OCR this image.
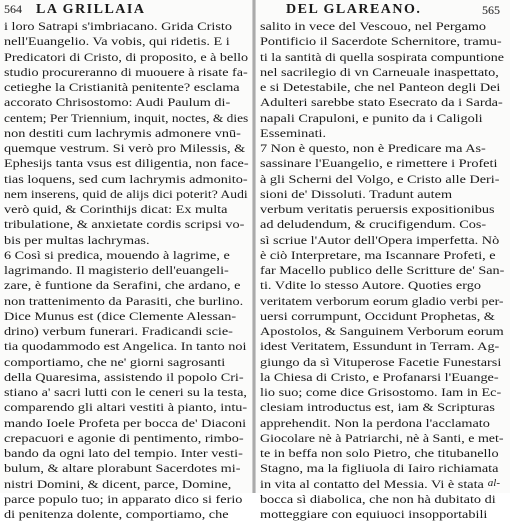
564 LA GRILLAIA
i loro Satrapi s'imbriacano. Grida Cristo
nell'Euangelio. Va vobis, qui ridetis. E i
Predicatori di Cristo, di proposito, e à bello
studio procureranno di muouere à risate fa-
cetieghe la Cristianità penitente? esclama
accorato Chrisostomo: Audi Paulum di-
centem; Per Triennium, inquit, noctes, & dies
non destiti cum lachrymis admonere vnū-
quemque vestrum. Si verò pro Milessis, &
Ephesijs tanta vsus est diligentia, non face-
tias loquens, sed cum lachrymis admonito-
nem inserens, quid de alijs dici poterit? Audi
verò quid, & Corinthijs dicat: Ex multa
tribulatione, & anxietate cordis scripsi vo-
bis per multas lachrymas.
6 Così si predica, mouendo à lagrime, e
lagrimando. Il magisterio dell'euangeli-
zare, è funtione da Serafini, che ardano, e
non trattenimento da Parasiti, che burlino.
Dice Munus est (dice Clemente Alessan-
drino) verbum funerari. Fradicandi scie-
tia quodammodo est Angelica. In tanto noi
comportiamo, che ne' giorni sagrosanti
della Quaresima, assistendo il popolo Cri-
stiano a' sacri lutti con le ceneri su la testa,
comparendo gli altari vestiti à pianto, intu-
mando Ioele Profeta per bocca de' Diaconi
crepacuori e agonie di pentimento, rimbo-
bando da ogni lato del tempio. Inter vesti-
bulum, & altare plorabunt Sacerdotes mi-
nistri Domini, & dicent, parce, Domine,
parce populo tuo; in apparato dico si ferio
di penitenza dolente, comportiamo, che
DEL GLAREANO.	565
salito in vece del Vescouo, nel Pergamo
Pontificio il Sacerdote Schernitore, tramu-
ti la santità di quella sospirata compuntione
nel sacrilegio di vn Carneuale inaspettato,
e si Detestabile, che nel Panteon degli Dei
Adulteri sarebbe stato Esecrato da i Sarda-
napali Crapuloni, e punito da i Caligoli
Esseminati.
7 Non è questo, non è Predicare ma As-
sassinare l'Euangelio, e rimettere i Profeti
à gli Scherni del Volgo, e Cristo alle Deri-
sioni de' Dissoluti. Tradunt autem
verbum veritatis peruersis expositionibus
ad deludendum, & crucifigendum. Cos-
sì scriue l'Autor dell'Opera imperfetta. Nò
è ciò Interpretare, ma Iscannare Profeti, e
far Macello publico delle Scritture de' San-
ti. Vdite lo stesso Autore. Quoties ergo
veritatem verborum eorum gladio verbi per-
uersi corrumpunt, Occidunt Prophetas, &
Apostolos, & Sanguinem Verborum eorum
idest Veritatem, Essundunt in Terram. Ag-
giungo da sì Vituperose Facetie Funestarsi
la Chiesa di Cristo, e Profanarsi l'Euange-
lio suo; come dice Grisostomo. Iam in Ec-
clesiam introductus est, iam & Scripturas
apprehendit. Non la perdona l'acclamato
Giocolare nè à Patriarchi, nè à Santi, e met-
te in beffa non solo Pietro, che titubanello
Stagno, ma la figliuola di Iairo richiamata
in vita al contatto del Messia. Vi è stata
bocca sì diabolica, che non hà dubitato di
motteggiare con equiuoci insopportabili
al-
